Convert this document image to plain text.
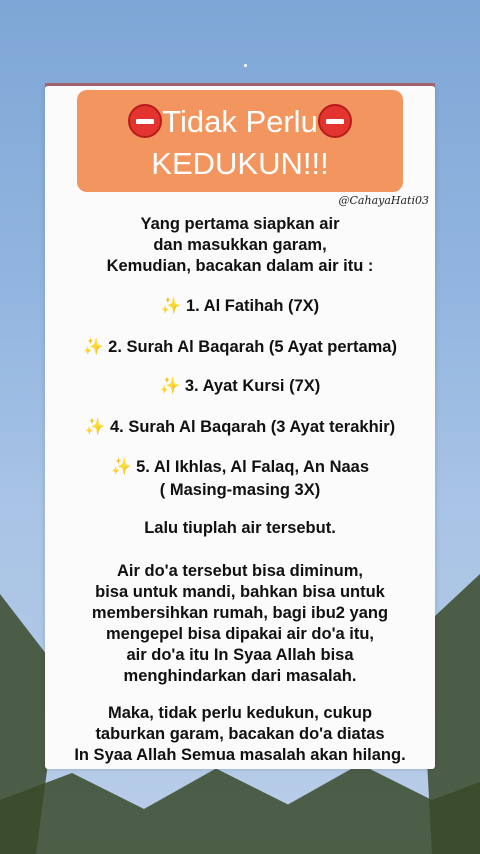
Tidak Perlu
KEDUKUN!!!
@CahayaHati03
Yang pertama siapkan air
dan masukkan garam,
Kemudian, bacakan dalam air itu :
✨ 1. Al Fatihah (7X)
✨ 2. Surah Al Baqarah (5 Ayat pertama)
✨ 3. Ayat Kursi (7X)
✨ 4. Surah Al Baqarah (3 Ayat terakhir)
✨ 5. Al Ikhlas, Al Falaq, An Naas
( Masing-masing 3X)
Lalu tiuplah air tersebut.
Air do'a tersebut bisa diminum,
bisa untuk mandi, bahkan bisa untuk
membersihkan rumah, bagi ibu2 yang
mengepel bisa dipakai air do'a itu,
air do'a itu In Syaa Allah bisa
menghindarkan dari masalah.
Maka, tidak perlu kedukun, cukup
taburkan garam, bacakan do'a diatas
In Syaa Allah Semua masalah akan hilang.
